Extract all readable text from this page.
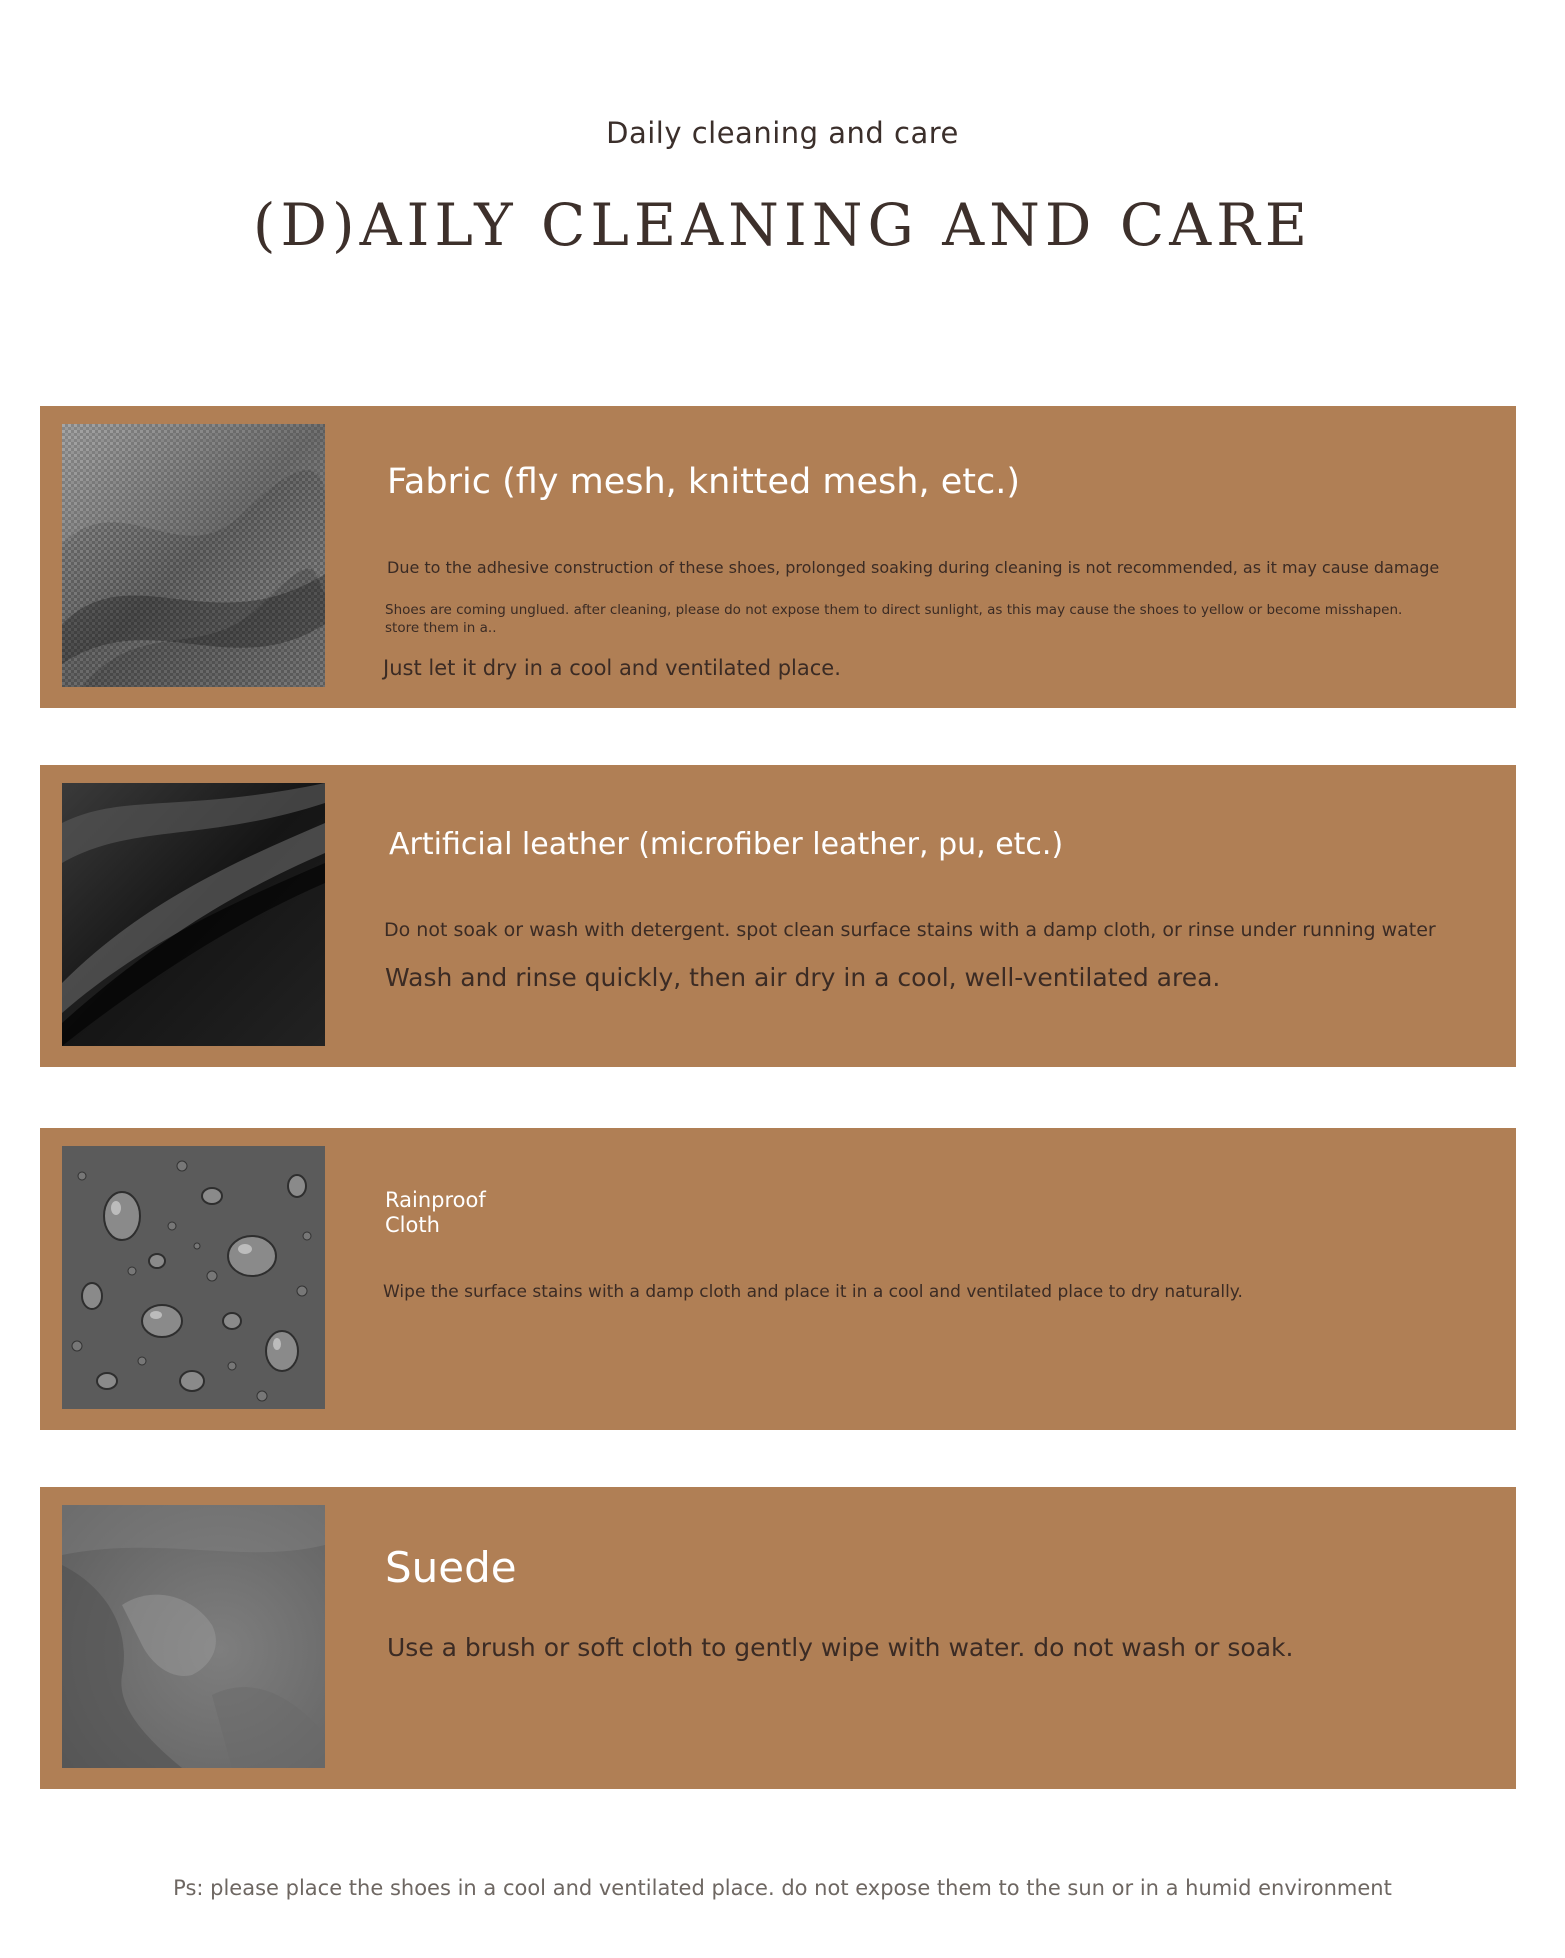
Daily cleaning and care
(D)AILY CLEANING AND CARE
Fabric (fly mesh, knitted mesh, etc.)
Due to the adhesive construction of these shoes, prolonged soaking during cleaning is not recommended, as it may cause damage
Shoes are coming unglued. after cleaning, please do not expose them to direct sunlight, as this may cause the shoes to yellow or become misshapen.
store them in a..
Just let it dry in a cool and ventilated place.
Artificial leather (microfiber leather, pu, etc.)
Do not soak or wash with detergent. spot clean surface stains with a damp cloth, or rinse under running water
Wash and rinse quickly, then air dry in a cool, well-ventilated area.
Rainproof
Cloth
Wipe the surface stains with a damp cloth and place it in a cool and ventilated place to dry naturally.
Suede
Use a brush or soft cloth to gently wipe with water. do not wash or soak.
Ps: please place the shoes in a cool and ventilated place. do not expose them to the sun or in a humid environment
